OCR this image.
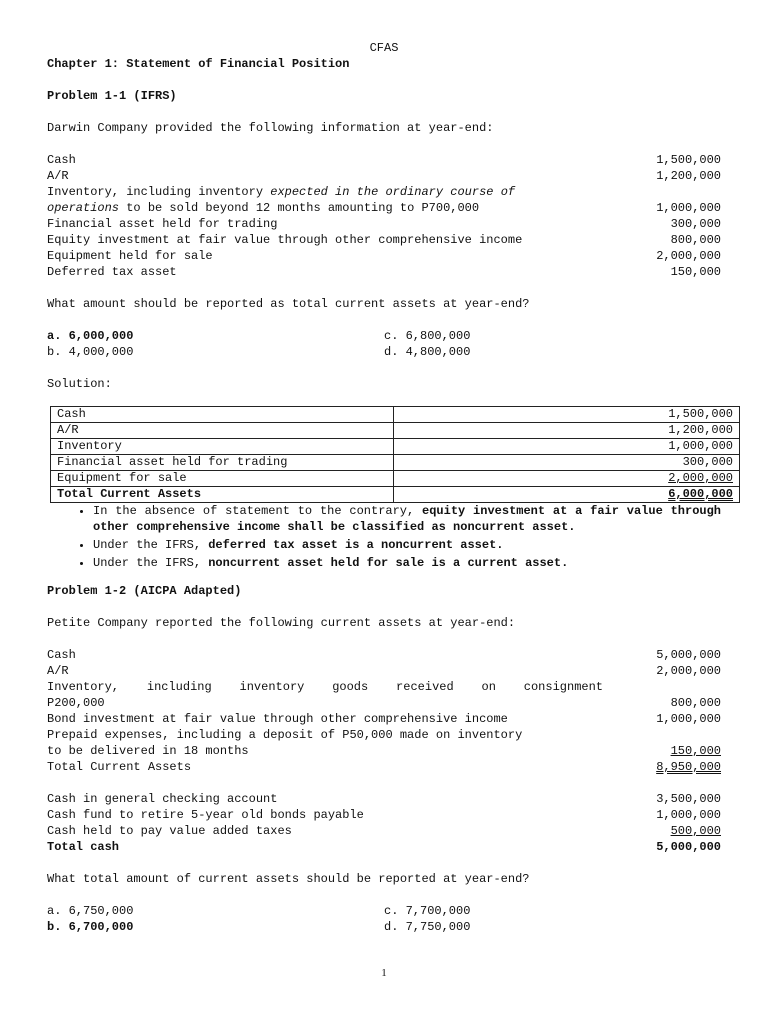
CFAS
Chapter 1: Statement of Financial Position
Problem 1-1 (IFRS)
Darwin Company provided the following information at year-end:
Cash	1,500,000
A/R	1,200,000
Inventory, including inventory expected in the ordinary course of
operations to be sold beyond 12 months amounting to P700,000	1,000,000
Financial asset held for trading	300,000
Equity investment at fair value through other comprehensive income	800,000
Equipment held for sale	2,000,000
Deferred tax asset	150,000
What amount should be reported as total current assets at year-end?
a. 6,000,000
b. 4,000,000
c. 6,800,000
d. 4,800,000
Solution:
Cash	1,500,000
A/R	1,200,000
Inventory	1,000,000
Financial asset held for trading	300,000
Equipment for sale	2,000,000
Total Current Assets	6,000,000
• In the absence of statement to the contrary, equity investment at a fair value through other comprehensive income shall be classified as noncurrent asset.
• Under the IFRS, deferred tax asset is a noncurrent asset.
• Under the IFRS, noncurrent asset held for sale is a current asset.
Problem 1-2 (AICPA Adapted)
Petite Company reported the following current assets at year-end:
Cash	5,000,000
A/R	2,000,000
Inventory, including inventory goods received on consignment
P200,000	800,000
Bond investment at fair value through other comprehensive income	1,000,000
Prepaid expenses, including a deposit of P50,000 made on inventory
to be delivered in 18 months	150,000
Total Current Assets	8,950,000
Cash in general checking account	3,500,000
Cash fund to retire 5-year old bonds payable	1,000,000
Cash held to pay value added taxes	500,000
Total cash	5,000,000
What total amount of current assets should be reported at year-end?
a. 6,750,000
b. 6,700,000
c. 7,700,000
d. 7,750,000
1
